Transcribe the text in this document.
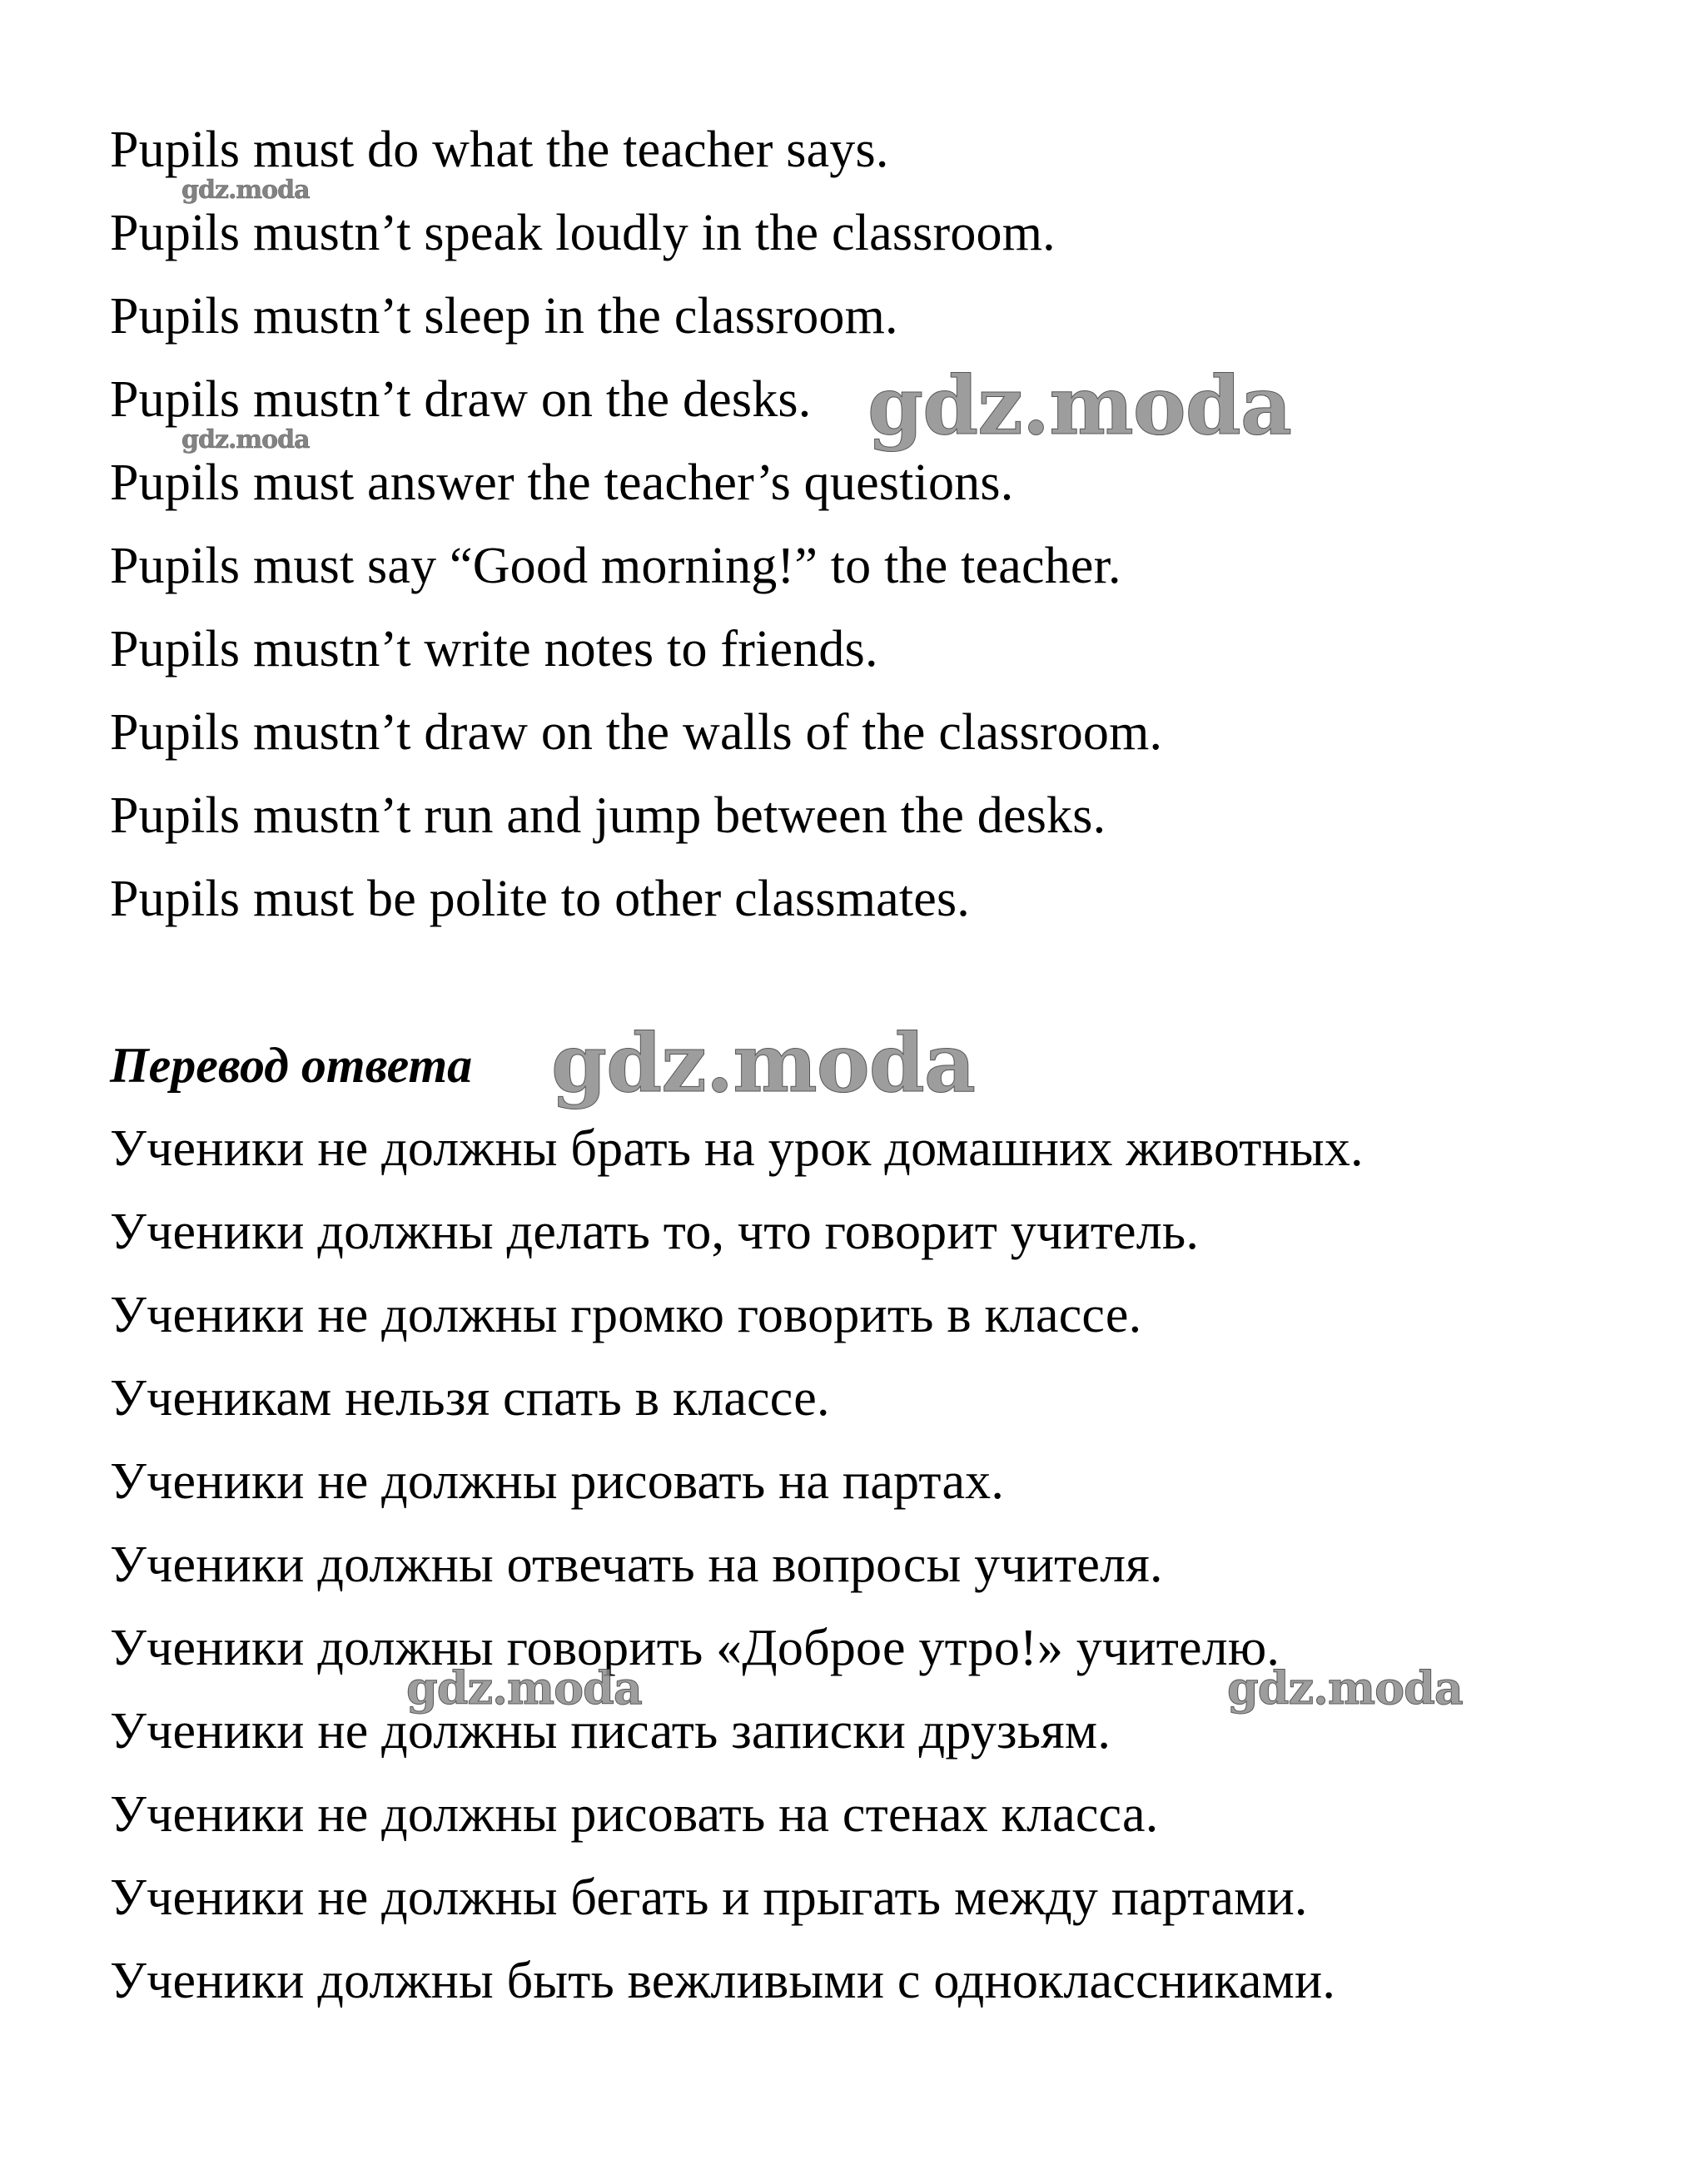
Pupils must do what the teacher says.
Pupils mustn’t speak loudly in the classroom.
Pupils mustn’t sleep in the classroom.
Pupils mustn’t draw on the desks.
Pupils must answer the teacher’s questions.
Pupils must say “Good morning!” to the teacher.
Pupils mustn’t write notes to friends.
Pupils mustn’t draw on the walls of the classroom.
Pupils mustn’t run and jump between the desks.
Pupils must be polite to other classmates.
Перевод ответа
Ученики не должны брать на урок домашних животных.
Ученики должны делать то, что говорит учитель.
Ученики не должны громко говорить в классе.
Ученикам нельзя спать в классе.
Ученики не должны рисовать на партах.
Ученики должны отвечать на вопросы учителя.
Ученики должны говорить «Доброе утро!» учителю.
Ученики не должны писать записки друзьям.
Ученики не должны рисовать на стенах класса.
Ученики не должны бегать и прыгать между партами.
Ученики должны быть вежливыми с одноклассниками.
gdz.moda
gdz.moda
gdz.moda
gdz.moda
gdz.moda	gdz.moda
